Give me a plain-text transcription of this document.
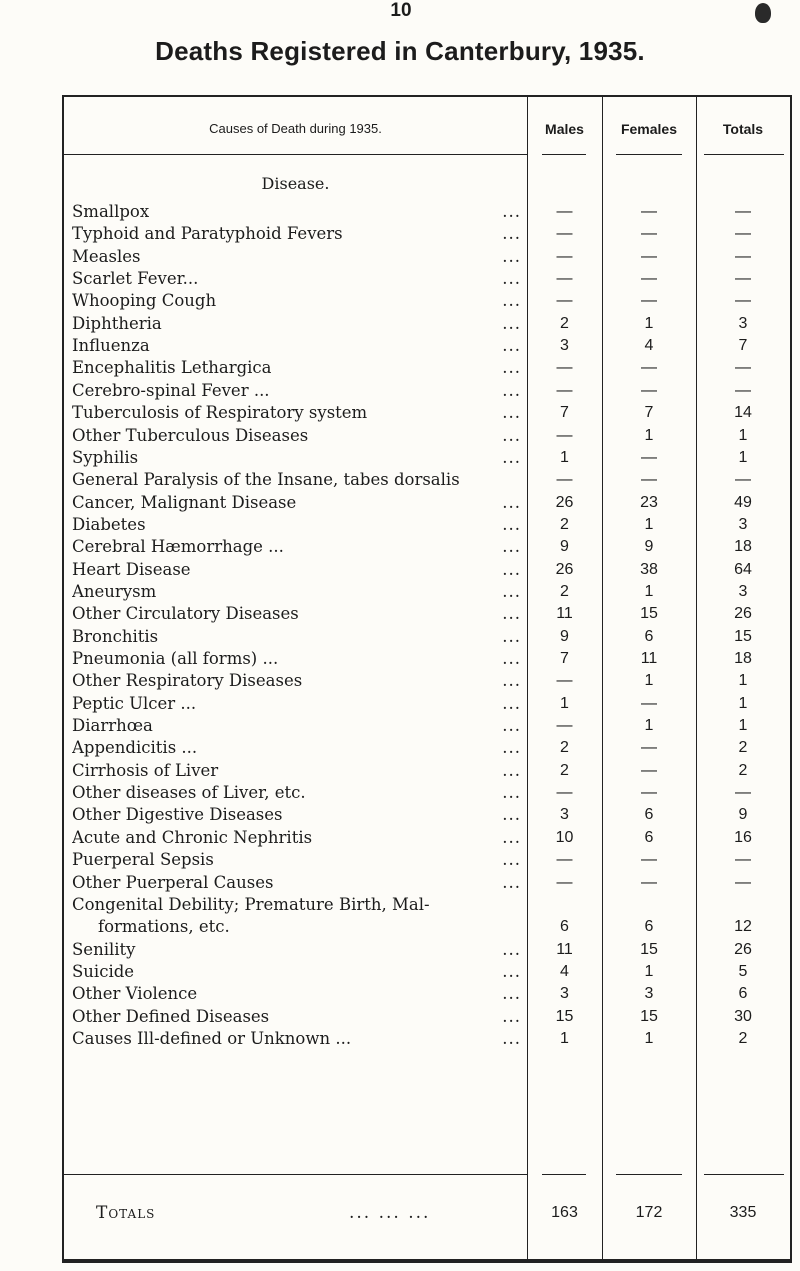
10
Deaths Registered in Canterbury, 1935.
Causes of Death during 1935.	Males	Females	Totals
Disease.
Smallpox	...	—	—	—
Typhoid and Paratyphoid Fevers	...	—	—	—
Measles	...	—	—	—
Scarlet Fever...	...	—	—	—
Whooping Cough	...	—	—	—
Diphtheria	...	2	1	3
Influenza	...	3	4	7
Encephalitis Lethargica	...	—	—	—
Cerebro-spinal Fever ...	...	—	—	—
Tuberculosis of Respiratory system	...	7	7	14
Other Tuberculous Diseases	...	—	1	1
Syphilis	...	1	—	1
General Paralysis of the Insane, tabes dorsalis	—	—	—
Cancer, Malignant Disease	...	26	23	49
Diabetes	...	2	1	3
Cerebral Hæmorrhage ...	...	9	9	18
Heart Disease	...	26	38	64
Aneurysm	...	2	1	3
Other Circulatory Diseases	...	11	15	26
Bronchitis	...	9	6	15
Pneumonia (all forms) ...	...	7	11	18
Other Respiratory Diseases	...	—	1	1
Peptic Ulcer ...	...	1	—	1
Diarrhœa	...	—	1	1
Appendicitis ...	...	2	—	2
Cirrhosis of Liver	...	2	—	2
Other diseases of Liver, etc.	...	—	—	—
Other Digestive Diseases	...	3	6	9
Acute and Chronic Nephritis	...	10	6	16
Puerperal Sepsis	...	—	—	—
Other Puerperal Causes	...	—	—	—
Congenital Debility; Premature Birth, Mal-
formations, etc.	6	6	12
Senility	...	11	15	26
Suicide	...	4	1	5
Other Violence	...	3	3	6
Other Defined Diseases	...	15	15	30
Causes Ill-defined or Unknown ...	...	1	1	2
Totals	... ... ...	163	172	335
